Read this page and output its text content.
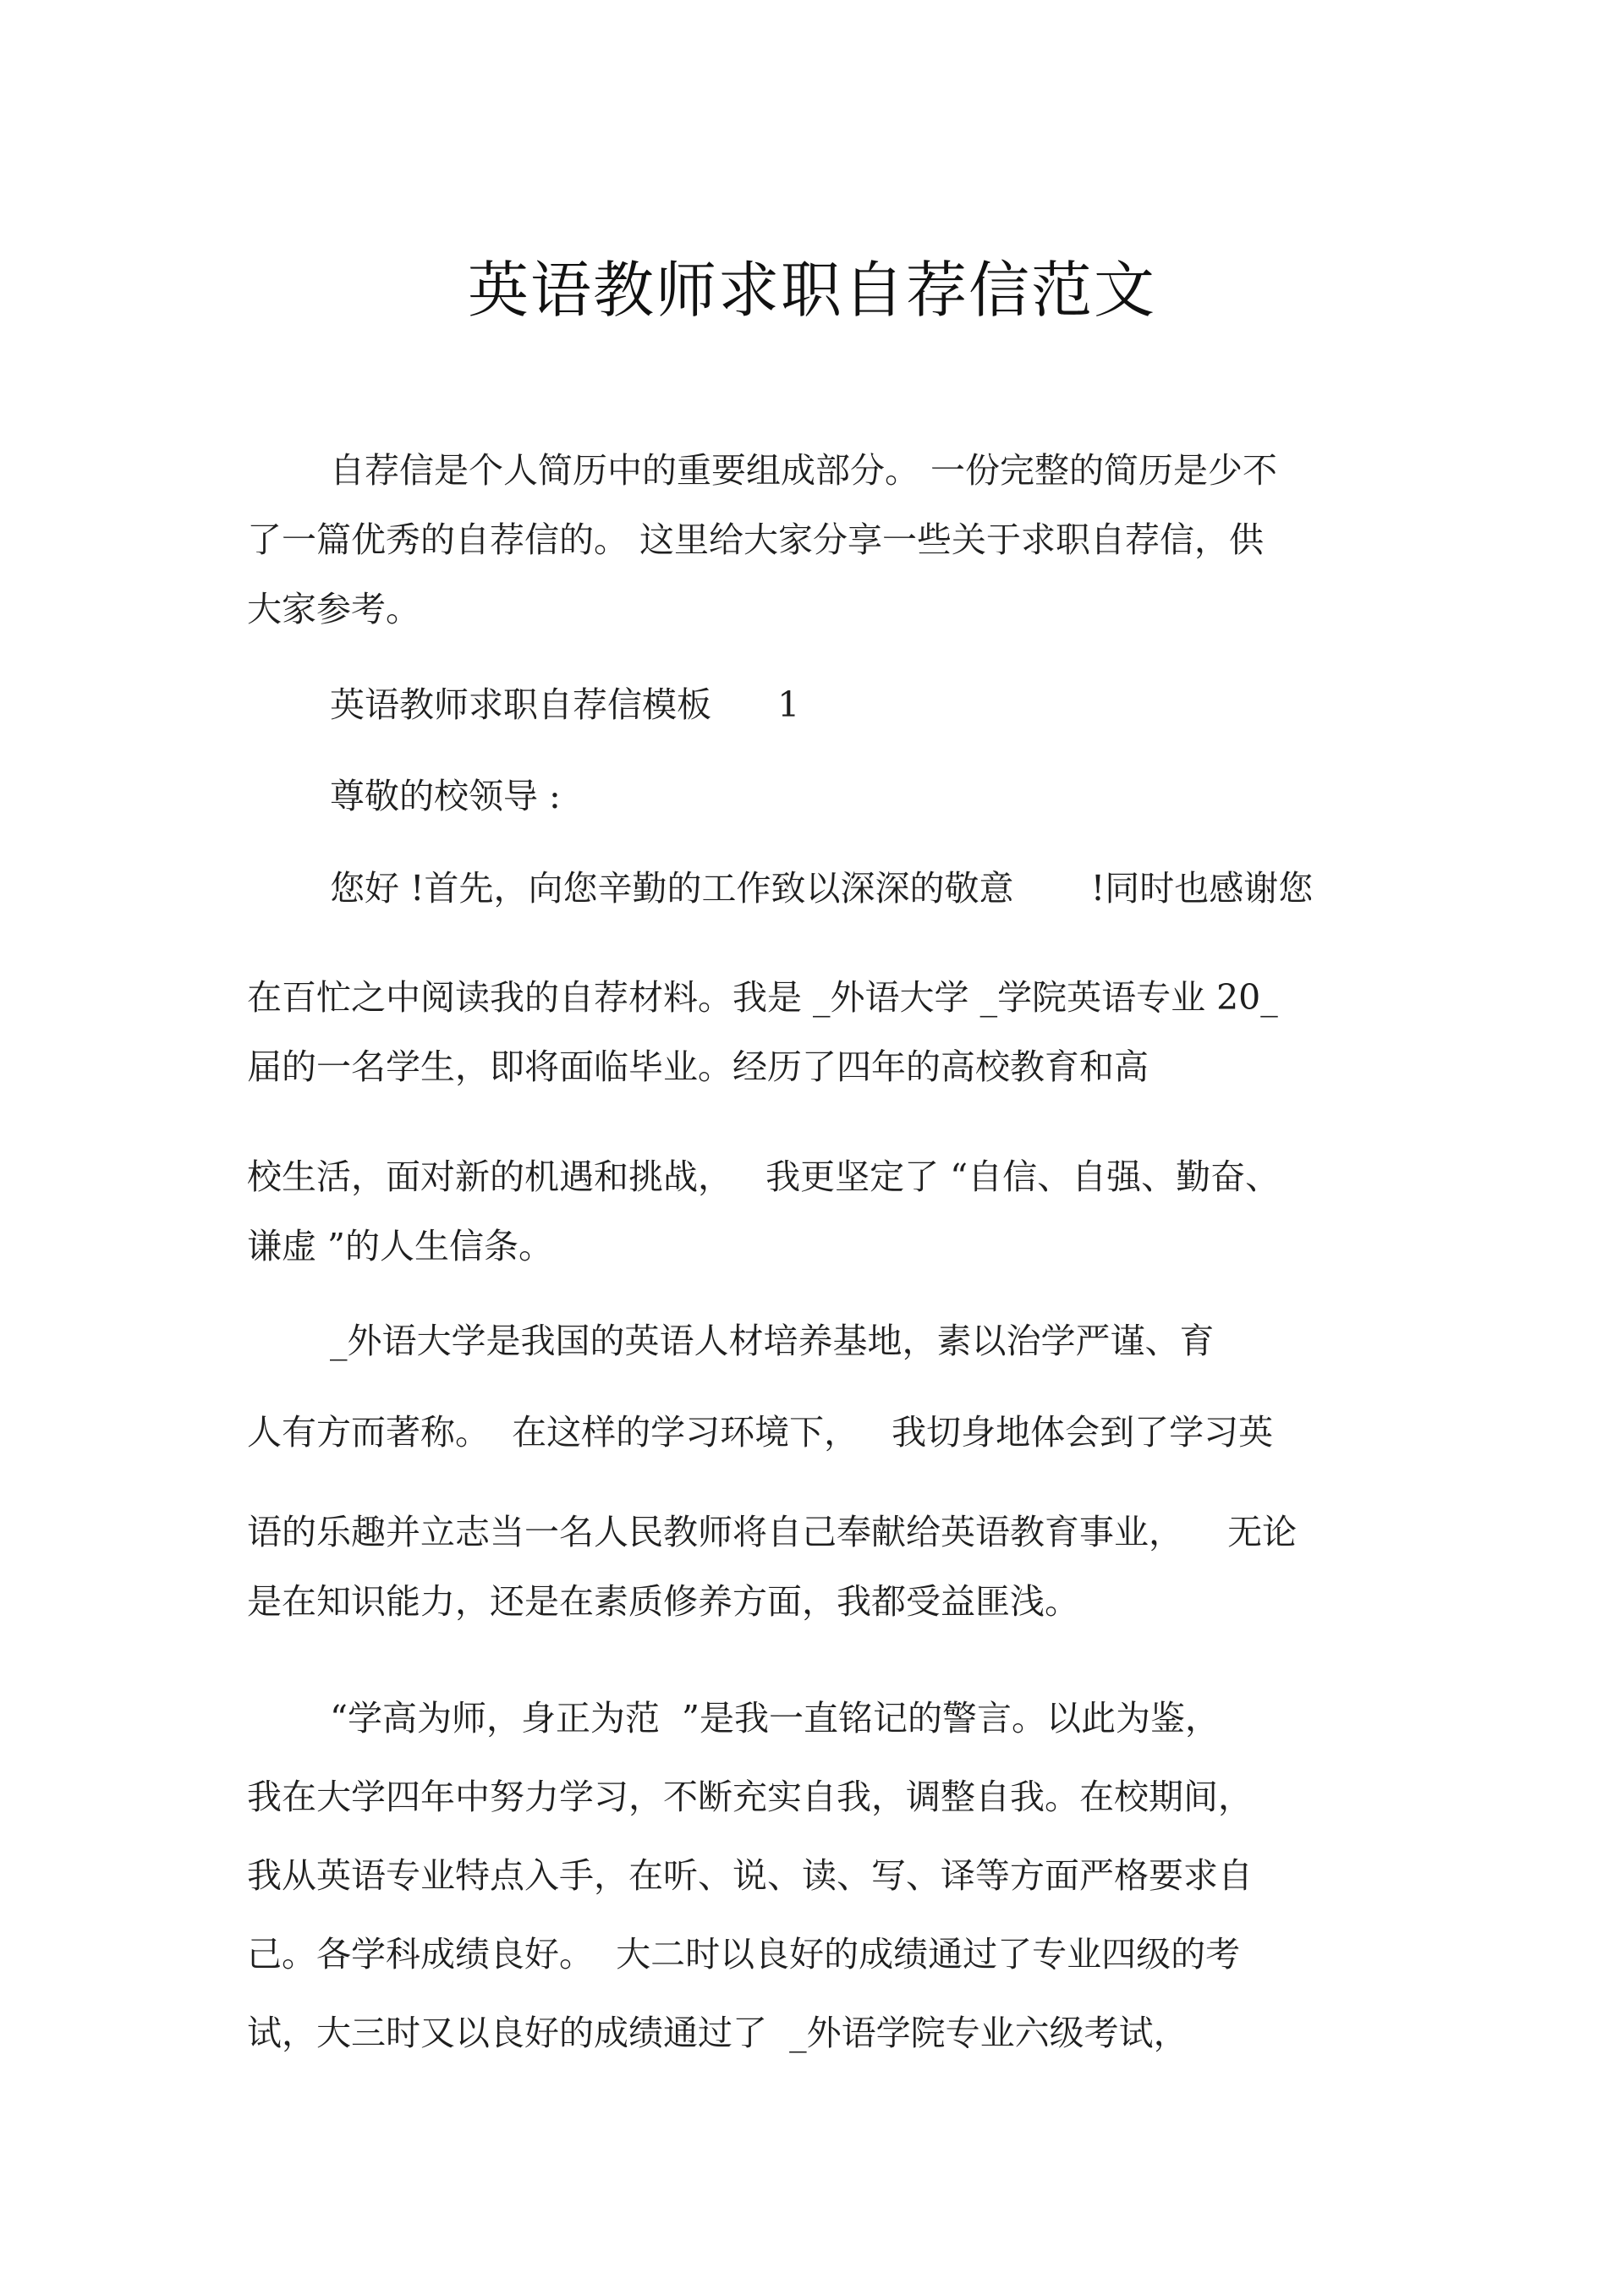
英语教师求职自荐信范文
自荐信是个人简历中的重要组成部分。 一份完整的简历是少不
了一篇优秀的自荐信的。 这里给大家分享一些关于求职自荐信，供
大家参考。
英语教师求职自荐信模板      1
尊敬的校领导 :
您好 !首先，向您辛勤的工作致以深深的敬意       !同时也感谢您
在百忙之中阅读我的自荐材料。我是 _外语大学 _学院英语专业 20_
届的一名学生，即将面临毕业。经历了四年的高校教育和高
校生活，面对新的机遇和挑战，   我更坚定了 “自信、自强、勤奋、
谦虚 ”的人生信条。
_外语大学是我国的英语人材培养基地，素以治学严谨、育
人有方而著称。  在这样的学习环境下，   我切身地体会到了学习英
语的乐趣并立志当一名人民教师将自己奉献给英语教育事业，    无论
是在知识能力，还是在素质修养方面，我都受益匪浅。
“学高为师，身正为范  ”是我一直铭记的警言。以此为鉴，
我在大学四年中努力学习，不断充实自我，调整自我。在校期间，
我从英语专业特点入手，在听、说、读、写、译等方面严格要求自
己。各学科成绩良好。  大二时以良好的成绩通过了专业四级的考
试，大三时又以良好的成绩通过了  _外语学院专业六级考试，
